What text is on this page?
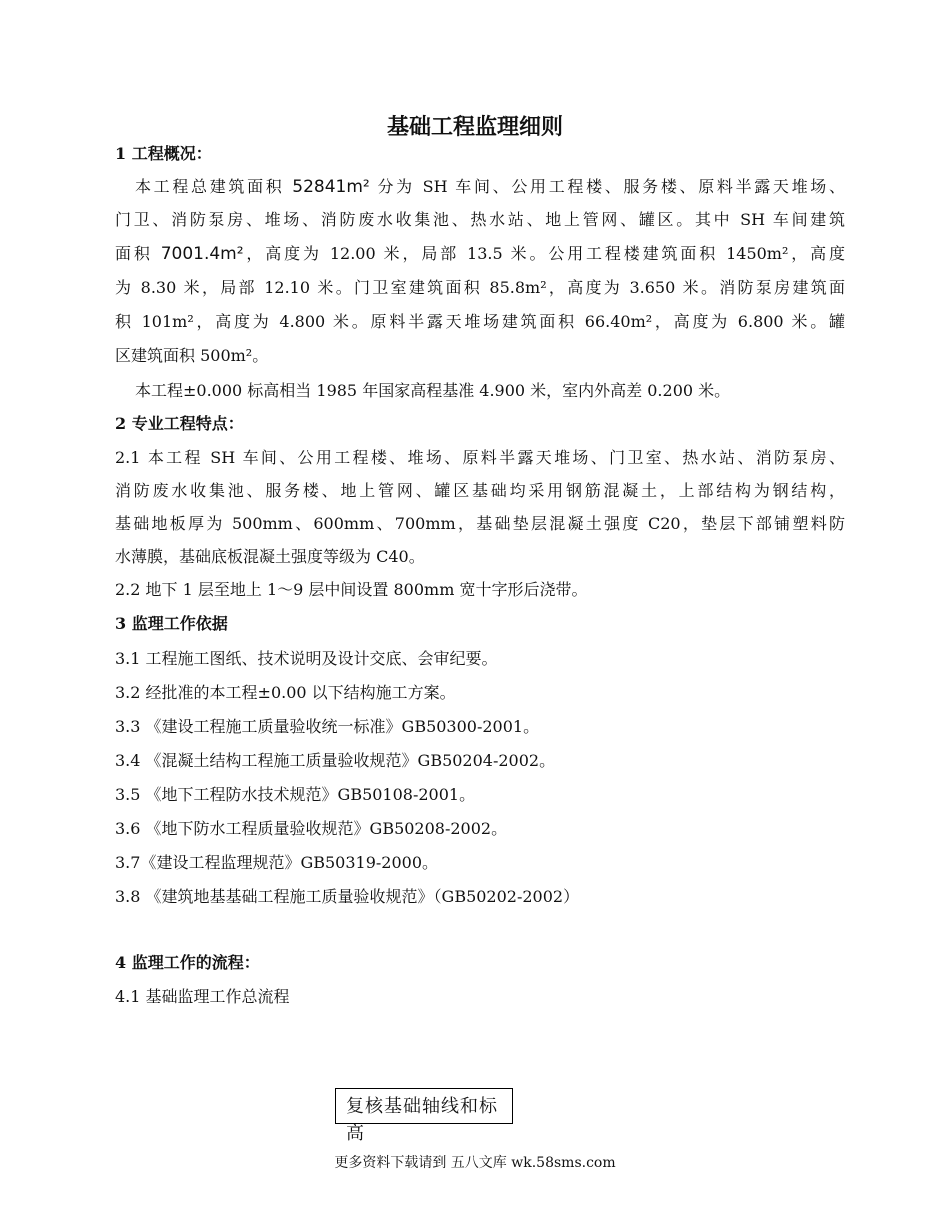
基础工程监理细则
1 工程概况：
本工程总建筑面积 52841m² 分为 SH 车间、公用工程楼、服务楼、原料半露天堆场、
门卫、消防泵房、堆场、消防废水收集池、热水站、地上管网、罐区。其中 SH 车间建筑
面积 7001.4m²，高度为 12.00 米，局部 13.5 米。公用工程楼建筑面积 1450m²，高度
为 8.30 米，局部 12.10 米。门卫室建筑面积 85.8m²，高度为 3.650 米。消防泵房建筑面
积 101m²，高度为 4.800 米。原料半露天堆场建筑面积 66.40m²，高度为 6.800 米。罐
区建筑面积 500m²。
本工程±0.000 标高相当 1985 年国家高程基准 4.900 米，室内外高差 0.200 米。
2 专业工程特点：
2.1 本工程 SH 车间、公用工程楼、堆场、原料半露天堆场、门卫室、热水站、消防泵房、
消防废水收集池、服务楼、地上管网、罐区基础均采用钢筋混凝土，上部结构为钢结构，
基础地板厚为 500mm、600mm、700mm，基础垫层混凝土强度 C20，垫层下部铺塑料防
水薄膜，基础底板混凝土强度等级为 C40。
2.2 地下 1 层至地上 1～9 层中间设置 800mm 宽十字形后浇带。
3 监理工作依据
3.1 工程施工图纸、技术说明及设计交底、会审纪要。
3.2 经批准的本工程±0.00 以下结构施工方案。
3.3 《建设工程施工质量验收统一标准》GB50300-2001。
3.4 《混凝土结构工程施工质量验收规范》GB50204-2002。
3.5 《地下工程防水技术规范》GB50108-2001。
3.6 《地下防水工程质量验收规范》GB50208-2002。
3.7《建设工程监理规范》GB50319-2000。
3.8 《建筑地基基础工程施工质量验收规范》（GB50202-2002）
4 监理工作的流程：
4.1 基础监理工作总流程
复核基础轴线和标高
更多资料下载请到 五八文库 wk.58sms.com
